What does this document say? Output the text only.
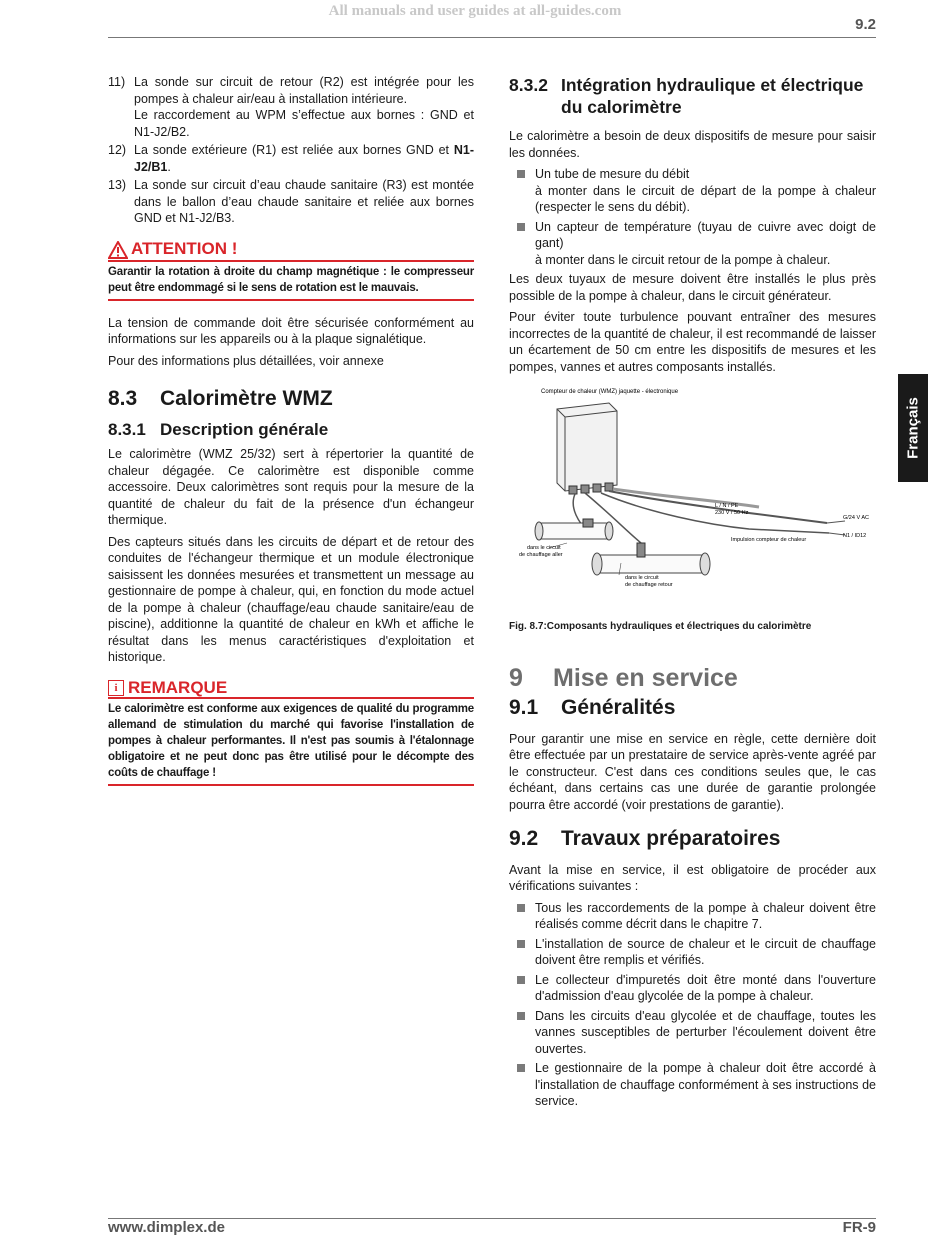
All manuals and user guides at all-guides.com
9.2
Français
11) La sonde sur circuit de retour (R2) est intégrée pour les pompes à chaleur air/eau à installation intérieure.
Le raccordement au WPM s’effectue aux bornes : GND et N1-J2/B2.
12) La sonde extérieure (R1) est reliée aux bornes GND et N1-J2/B1.
13) La sonde sur circuit d’eau chaude sanitaire (R3) est montée dans le ballon d’eau chaude sanitaire et reliée aux bornes GND et N1-J2/B3.
ATTENTION !
Garantir la rotation à droite du champ magnétique : le compresseur peut être endommagé si le sens de rotation est le mauvais.

La tension de commande doit être sécurisée conformément au informations sur les appareils ou à la plaque signalétique.

Pour des informations plus détaillées, voir annexe

8.3 Calorimètre WMZ
8.3.1 Description générale

Le calorimètre (WMZ 25/32) sert à répertorier la quantité de chaleur dégagée. Ce calorimètre est disponible comme accessoire. Deux calorimètres sont requis pour la mesure de la quantité de chaleur du fait de la présence d'un échangeur thermique.

Des capteurs situés dans les circuits de départ et de retour des conduites de l'échangeur thermique et un module électronique saisissent les données mesurées et transmettent un message au gestionnaire de pompe à chaleur, qui, en fonction du mode actuel de la pompe à chaleur (chauffage/eau chaude sanitaire/eau de piscine), additionne la quantité de chaleur en kWh et affiche le résultat dans les menus caractéristiques d'exploitation et historique.

i REMARQUE
Le calorimètre est conforme aux exigences de qualité du programme allemand de stimulation du marché qui favorise l'installation de pompes à chaleur performantes. Il n'est pas soumis à l'étalonnage obligatoire et ne peut donc pas être utilisé pour le décompte des coûts de chauffage !
8.3.2 Intégration hydraulique et électrique du calorimètre

Le calorimètre a besoin de deux dispositifs de mesure pour saisir les données.

Un tube de mesure du débit
à monter dans le circuit de départ de la pompe à chaleur (respecter le sens du débit).
Un capteur de température (tuyau de cuivre avec doigt de gant)
à monter dans le circuit retour de la pompe à chaleur.

Les deux tuyaux de mesure doivent être installés le plus près possible de la pompe à chaleur, dans le circuit générateur.

Pour éviter toute turbulence pouvant entraîner des mesures incorrectes de la quantité de chaleur, il est recommandé de laisser un écartement de 50 cm entre les dispositifs de mesures et les pompes, vannes et autres composants installés.

Compteur de chaleur (WMZ) jaquette - électronique
L / N / PE
230 V / 50 Hz
G/24 V AC
N1 / ID12
Impulsion compteur de chaleur
dans le circuit
de chauffage aller
dans le circuit
de chauffage retour
Fig. 8.7:Composants hydrauliques et électriques du calorimètre
9 Mise en service
9.1 Généralités

Pour garantir une mise en service en règle, cette dernière doit être effectuée par un prestataire de service après-vente agréé par le constructeur. C'est dans ces conditions seules que, le cas échéant, dans certains cas une durée de garantie prolongée pourra être accordé (voir prestations de garantie).

9.2 Travaux préparatoires

Avant la mise en service, il est obligatoire de procéder aux vérifications suivantes :

Tous les raccordements de la pompe à chaleur doivent être réalisés comme décrit dans le chapitre 7.
L'installation de source de chaleur et le circuit de chauffage doivent être remplis et vérifiés.
Le collecteur d'impuretés doit être monté dans l'ouverture d'admission d'eau glycolée de la pompe à chaleur.
Dans les circuits d'eau glycolée et de chauffage, toutes les vannes susceptibles de perturber l'écoulement doivent être ouvertes.
Le gestionnaire de la pompe à chaleur doit être accordé à l'installation de chauffage conformément à ses instructions de service.
www.dimplex.de	FR-9
